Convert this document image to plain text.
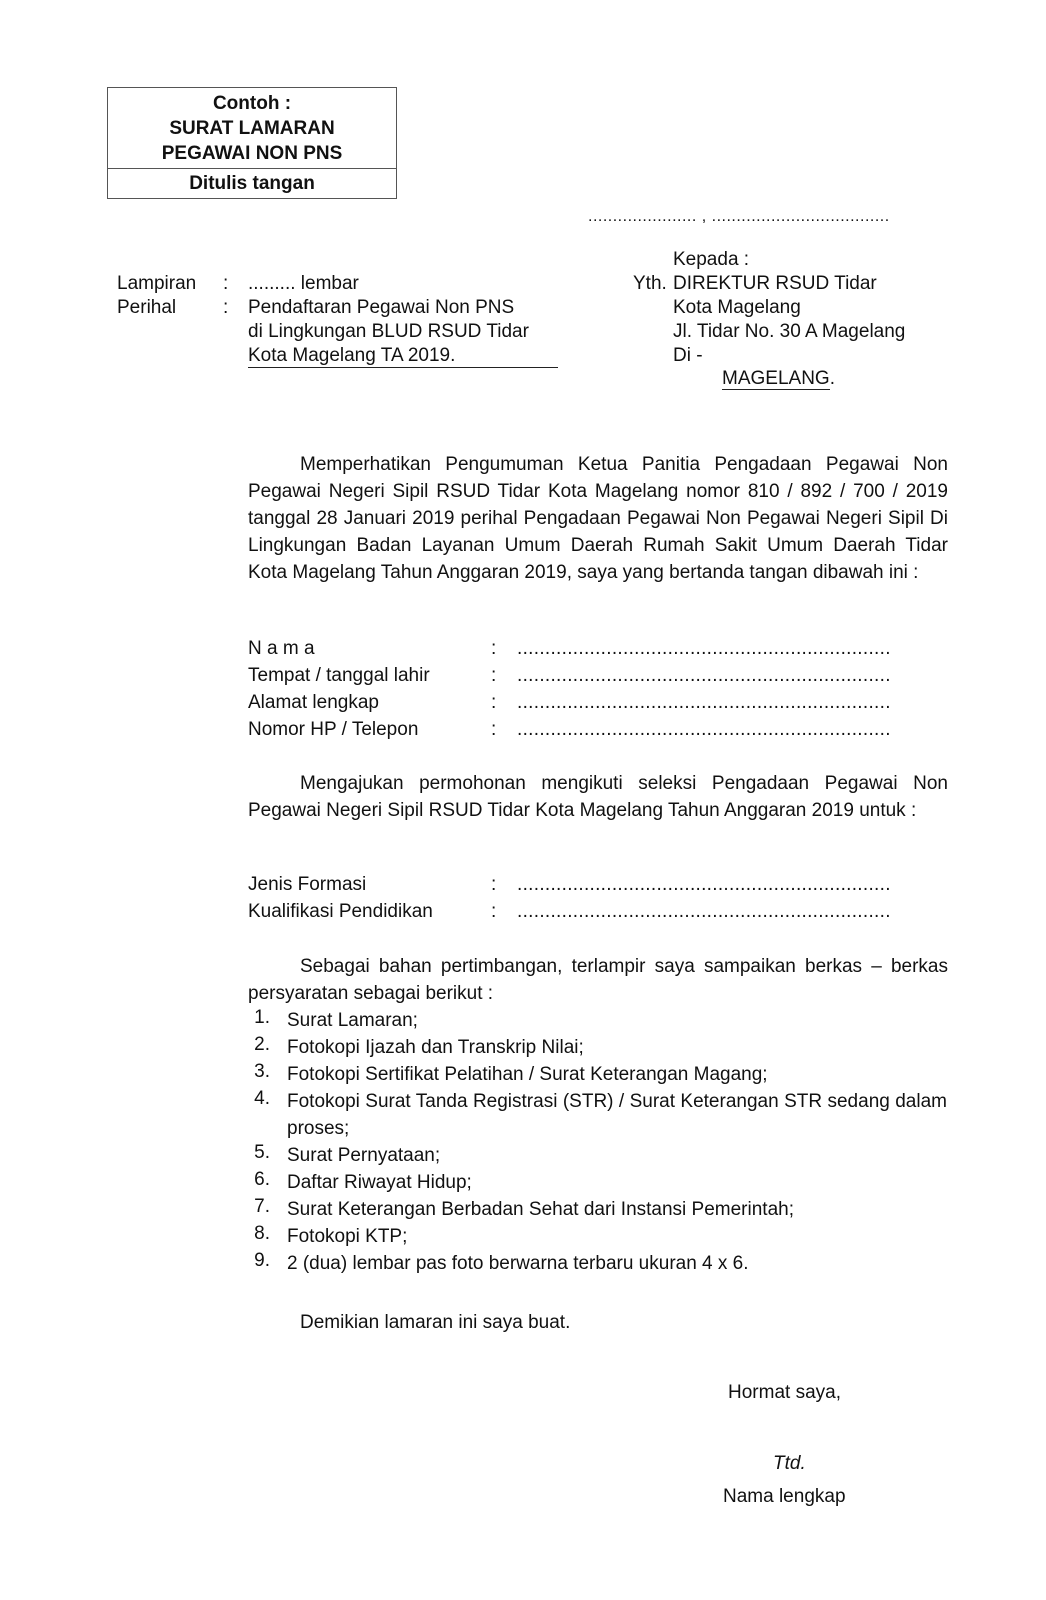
Contoh :
SURAT LAMARAN
PEGAWAI NON PNS
Ditulis tangan
...................... , ....................................
Kepada :
Yth. DIREKTUR RSUD Tidar
Kota Magelang
Jl. Tidar No. 30 A Magelang
Di -
MAGELANG.
Lampiran : ......... lembar
Perihal : Pendaftaran Pegawai Non PNS
di Lingkungan BLUD RSUD Tidar
Kota Magelang TA 2019.
Memperhatikan Pengumuman Ketua Panitia Pengadaan Pegawai Non Pegawai Negeri Sipil RSUD Tidar Kota Magelang nomor 810 / 892 / 700 / 2019 tanggal 28 Januari 2019 perihal Pengadaan Pegawai Non Pegawai Negeri Sipil Di Lingkungan Badan Layanan Umum Daerah Rumah Sakit Umum Daerah Tidar Kota Magelang Tahun Anggaran 2019, saya yang bertanda tangan dibawah ini :
N a m a	: ...................................................................
Tempat / tanggal lahir	: ...................................................................
Alamat lengkap	: ...................................................................
Nomor HP / Telepon	: ...................................................................
Mengajukan permohonan mengikuti seleksi Pengadaan Pegawai Non Pegawai Negeri Sipil RSUD Tidar Kota Magelang Tahun Anggaran 2019 untuk :
Jenis Formasi	: ...................................................................
Kualifikasi Pendidikan	: ...................................................................
Sebagai bahan pertimbangan, terlampir saya sampaikan berkas – berkas persyaratan sebagai berikut :
1. Surat Lamaran;
2. Fotokopi Ijazah dan Transkrip Nilai;
3. Fotokopi Sertifikat Pelatihan / Surat Keterangan Magang;
4. Fotokopi Surat Tanda Registrasi (STR) / Surat Keterangan STR sedang dalam proses;
5. Surat Pernyataan;
6. Daftar Riwayat Hidup;
7. Surat Keterangan Berbadan Sehat dari Instansi Pemerintah;
8. Fotokopi KTP;
9. 2 (dua) lembar pas foto berwarna terbaru ukuran 4 x 6.
Demikian lamaran ini saya buat.
Hormat saya,
Ttd.
Nama lengkap
